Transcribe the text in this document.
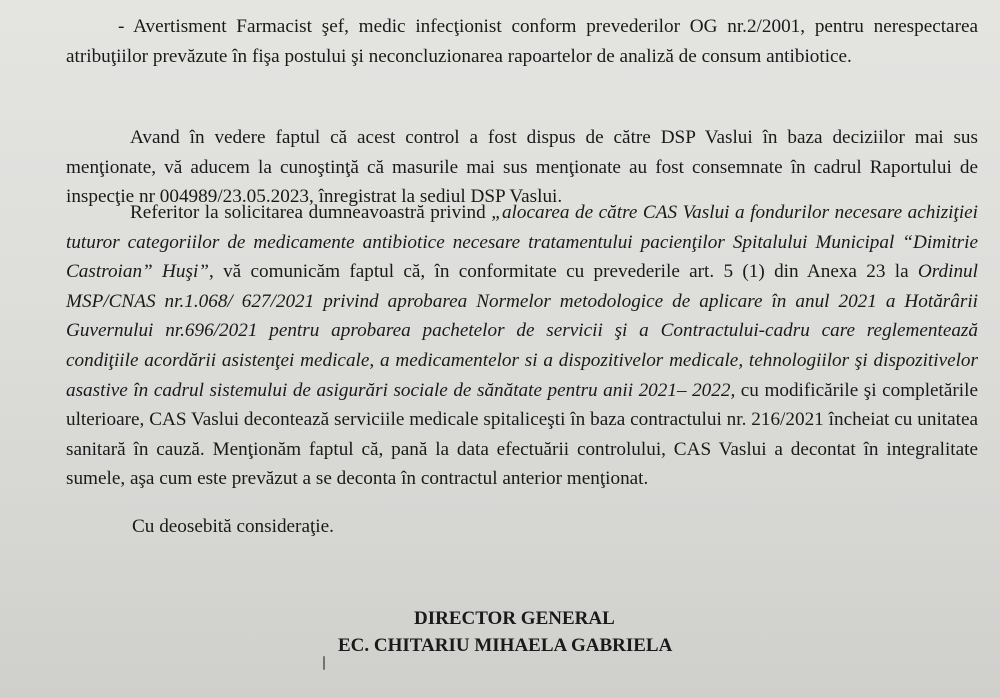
- Avertisment Farmacist şef, medic infecţionist conform prevederilor OG nr.2/2001, pentru nerespectarea atribuţiilor prevăzute în fişa postului şi neconcluzionarea rapoartelor de analiză de consum antibiotice.

Avand în vedere faptul că acest control a fost dispus de către DSP Vaslui în baza deciziilor mai sus menţionate, vă aducem la cunoştinţă că masurile mai sus menţionate au fost consemnate în cadrul Raportului de inspecţie nr 004989/23.05.2023, înregistrat la sediul DSP Vaslui.

Referitor la solicitarea dumneavoastră privind „alocarea de către CAS Vaslui a fondurilor necesare achiziţiei tuturor categoriilor de medicamente antibiotice necesare tratamentului pacienţilor Spitalului Municipal “Dimitrie Castroian” Huşi”, vă comunicăm faptul că, în conformitate cu prevederile art. 5 (1) din Anexa 23 la Ordinul MSP/CNAS nr.1.068/ 627/2021 privind aprobarea Normelor metodologice de aplicare în anul 2021 a Hotărârii Guvernului nr.696/2021 pentru aprobarea pachetelor de servicii şi a Contractului-cadru care reglementează condiţiile acordării asistenţei medicale, a medicamentelor si a dispozitivelor medicale, tehnologiilor şi dispozitivelor asastive în cadrul sistemului de asigurări sociale de sănătate pentru anii 2021– 2022, cu modificările şi completările ulterioare, CAS Vaslui decontează serviciile medicale spitaliceşti în baza contractului nr. 216/2021 încheiat cu unitatea sanitară în cauză. Menţionăm faptul că, pană la data efectuării controlului, CAS Vaslui a decontat în integralitate sumele, aşa cum este prevăzut a se deconta în contractul anterior menţionat.

Cu deosebită consideraţie.

DIRECTOR GENERAL

EC. CHITARIU MIHAELA GABRIELA
